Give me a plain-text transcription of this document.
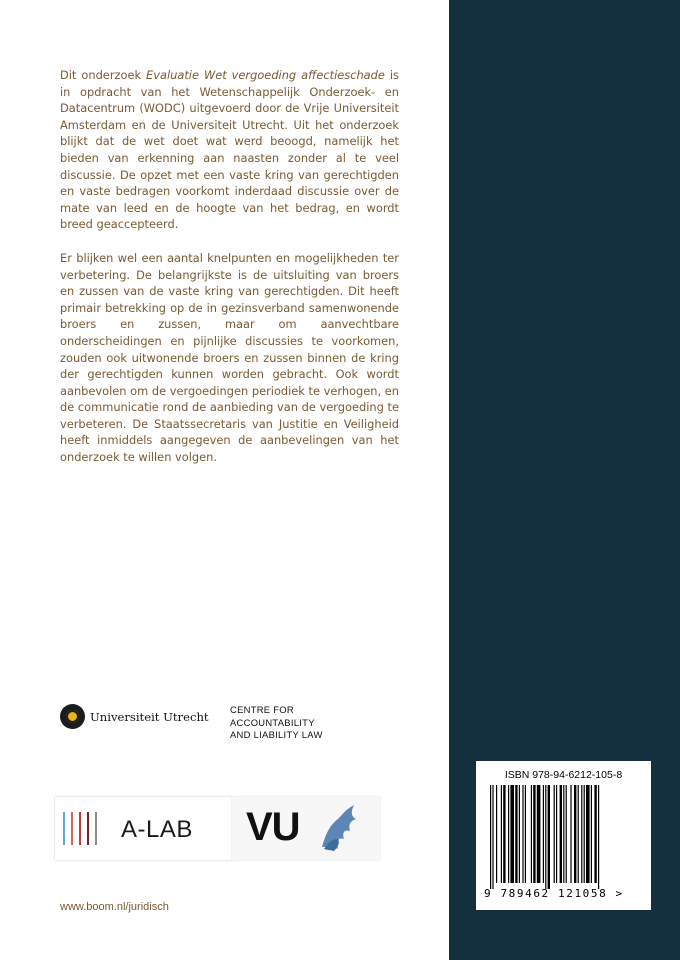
Dit onderzoek Evaluatie Wet vergoeding affectieschade is in opdracht van het Wetenschappelijk Onderzoek- en Datacentrum (WODC) uitgevoerd door de Vrije Universiteit Amsterdam en de Universiteit Utrecht. Uit het onderzoek blijkt dat de wet doet wat werd beoogd, namelijk het bieden van erkenning aan naasten zonder al te veel discussie. De opzet met een vaste kring van gerechtigden en vaste bedragen voorkomt inderdaad discussie over de mate van leed en de hoogte van het bedrag, en wordt breed geaccepteerd.

Er blijken wel een aantal knelpunten en mogelijkheden ter verbetering. De belangrijkste is de uitsluiting van broers en zussen van de vaste kring van gerechtigden. Dit heeft primair betrekking op de in gezinsverband samenwonende broers en zussen, maar om aanvechtbare onderscheidingen en pijnlijke discussies te voorkomen, zouden ook uitwonende broers en zussen binnen de kring der gerechtigden kunnen worden gebracht. Ook wordt aanbevolen om de vergoedingen periodiek te verhogen, en de communicatie rond de aanbieding van de vergoeding te verbeteren. De Staatssecretaris van Justitie en Veiligheid heeft inmiddels aangegeven de aanbevelingen van het onderzoek te willen volgen.

Universiteit Utrecht CENTRE FOR
ACCOUNTABILITY
AND LIABILITY LAW
A-LAB VU
www.boom.nl/juridisch
ISBN 978-94-6212-105-8
9 789462 121058 >
